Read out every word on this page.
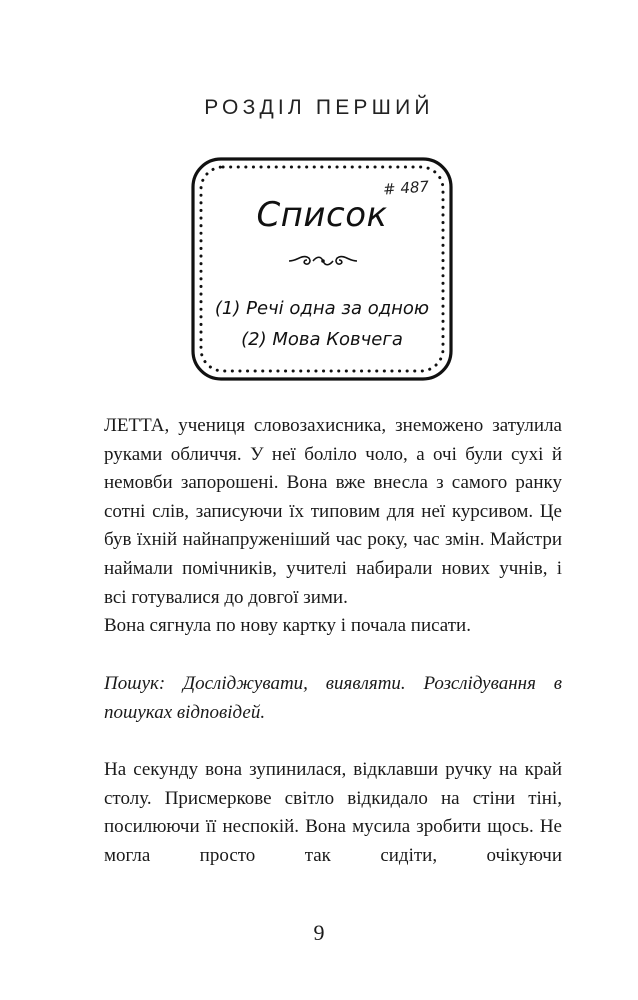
РОЗДІЛ ПЕРШИЙ
# 487
Список
(1) Речі одна за одною
(2) Мова Ковчега

ЛЕТТА, учениця словозахисника, знеможено затулила руками обличчя. У неї боліло чоло, а очі були сухі й немовби запорошені. Вона вже внесла з самого ранку сотні слів, записуючи їх типовим для неї курсивом. Це був їхній найнапруженіший час року, час змін. Майстри наймали помічників, учителі набирали нових учнів, і всі готувалися до довгої зими.

Вона сягнула по нову картку і почала писати.

Пошук: Досліджувати, виявляти. Розслідування в пошуках відповідей.

На секунду вона зупинилася, відклавши ручку на край столу. Присмеркове світло відкидало на стіни тіні, посилюючи її неспокій. Вона мусила зробити щось. Не могла просто так сидіти, очікуючи

9
